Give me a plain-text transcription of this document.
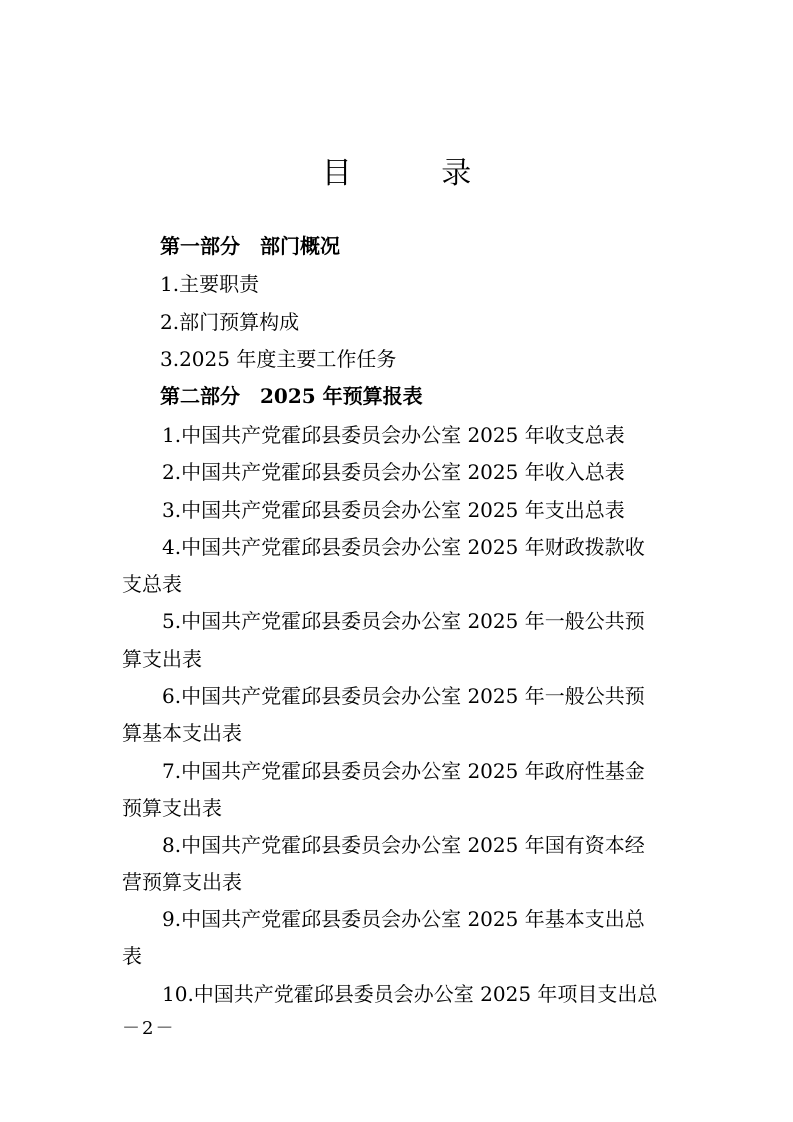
目 录
第一部分　部门概况
1.主要职责
2.部门预算构成
3.2025 年度主要工作任务
第二部分　2025 年预算报表
1.中国共产党霍邱县委员会办公室 2025 年收支总表
2.中国共产党霍邱县委员会办公室 2025 年收入总表
3.中国共产党霍邱县委员会办公室 2025 年支出总表
4.中国共产党霍邱县委员会办公室 2025 年财政拨款收
支总表
5.中国共产党霍邱县委员会办公室 2025 年一般公共预
算支出表
6.中国共产党霍邱县委员会办公室 2025 年一般公共预
算基本支出表
7.中国共产党霍邱县委员会办公室 2025 年政府性基金
预算支出表
8.中国共产党霍邱县委员会办公室 2025 年国有资本经
营预算支出表
9.中国共产党霍邱县委员会办公室 2025 年基本支出总
表
10.中国共产党霍邱县委员会办公室 2025 年项目支出总
－2－
